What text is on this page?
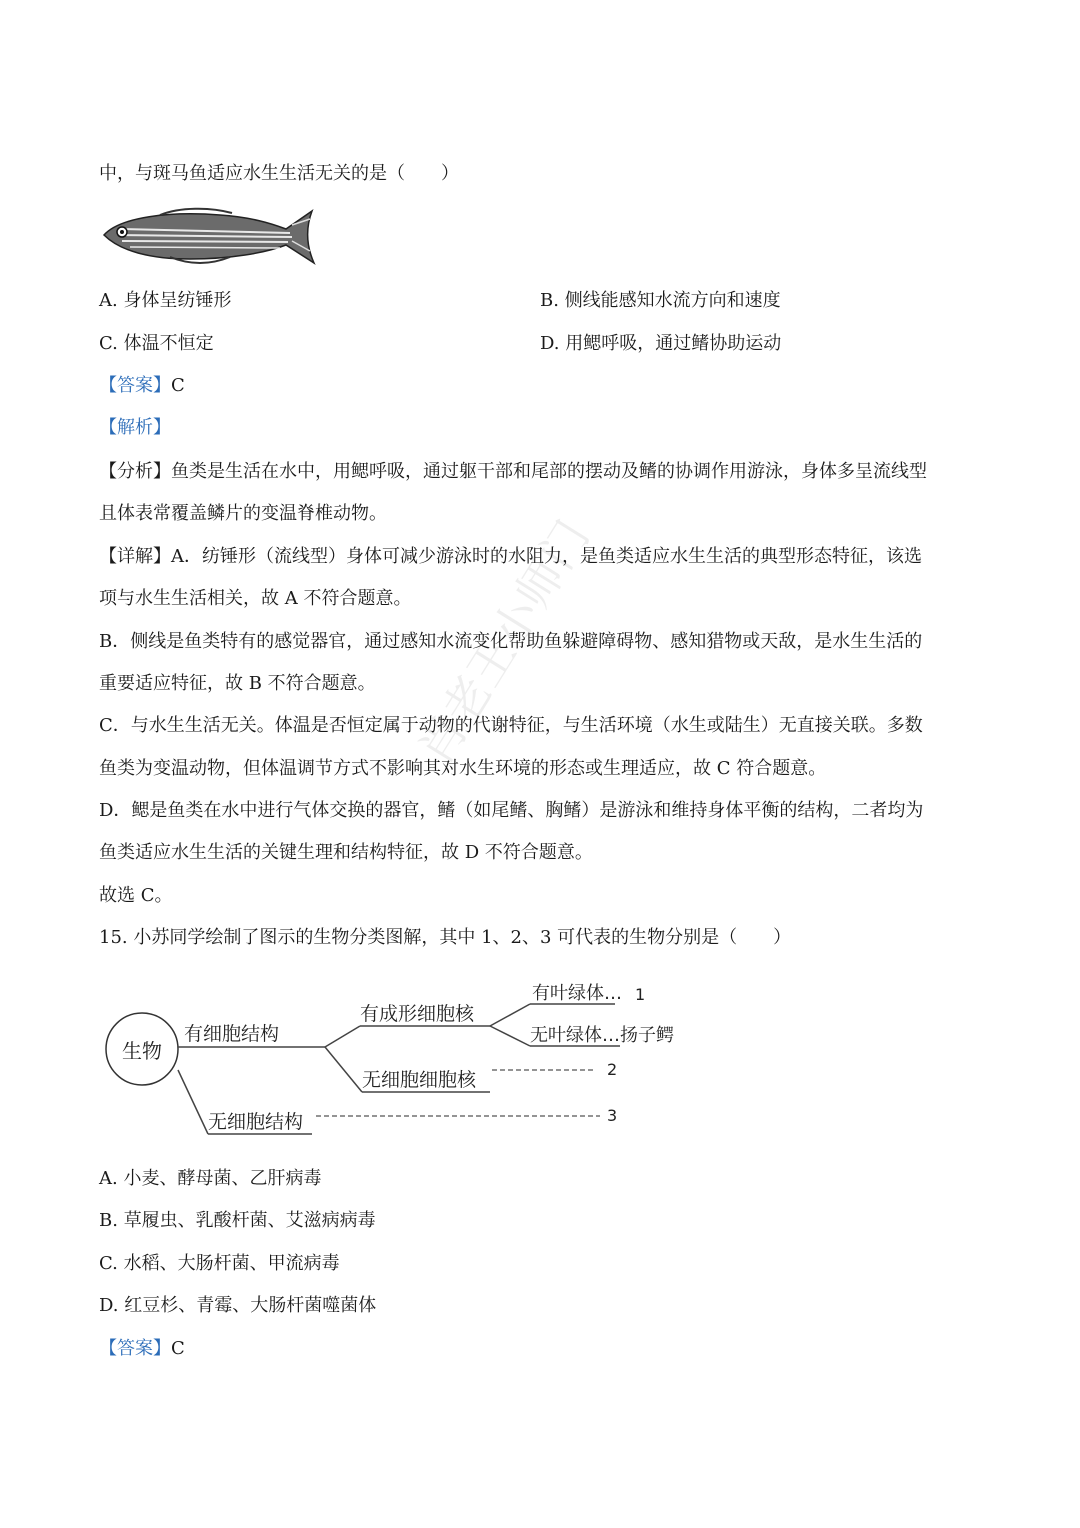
中，与斑马鱼适应水生生活无关的是（　　）
A. 身体呈纺锤形	B. 侧线能感知水流方向和速度
C. 体温不恒定	D. 用鳃呼吸，通过鳍协助运动
【答案】C
【解析】
【分析】鱼类是生活在水中，用鳃呼吸，通过躯干部和尾部的摆动及鳍的协调作用游泳，身体多呈流线型
且体表常覆盖鳞片的变温脊椎动物。
【详解】A．纺锤形（流线型）身体可减少游泳时的水阻力，是鱼类适应水生生活的典型形态特征，该选
项与水生生活相关，故 A 不符合题意。
B．侧线是鱼类特有的感觉器官，通过感知水流变化帮助鱼躲避障碍物、感知猎物或天敌，是水生生活的
重要适应特征，故 B 不符合题意。
C．与水生生活无关。体温是否恒定属于动物的代谢特征，与生活环境（水生或陆生）无直接关联。多数
鱼类为变温动物，但体温调节方式不影响其对水生环境的形态或生理适应，故 C 符合题意。
D．鳃是鱼类在水中进行气体交换的器官，鳍（如尾鳍、胸鳍）是游泳和维持身体平衡的结构，二者均为
鱼类适应水生生活的关键生理和结构特征，故 D 不符合题意。
故选 C。
15. 小苏同学绘制了图示的生物分类图解，其中 1、2、3 可代表的生物分别是（　　）
生物
有细胞结构
有成形细胞核
有叶绿体… 1
无叶绿体…扬子鳄
无细胞细胞核	2
无细胞结构	3
A. 小麦、酵母菌、乙肝病毒
B. 草履虫、乳酸杆菌、艾滋病病毒
C. 水稻、大肠杆菌、甲流病毒
D. 红豆杉、青霉、大肠杆菌噬菌体
【答案】C
肖老王小师门
